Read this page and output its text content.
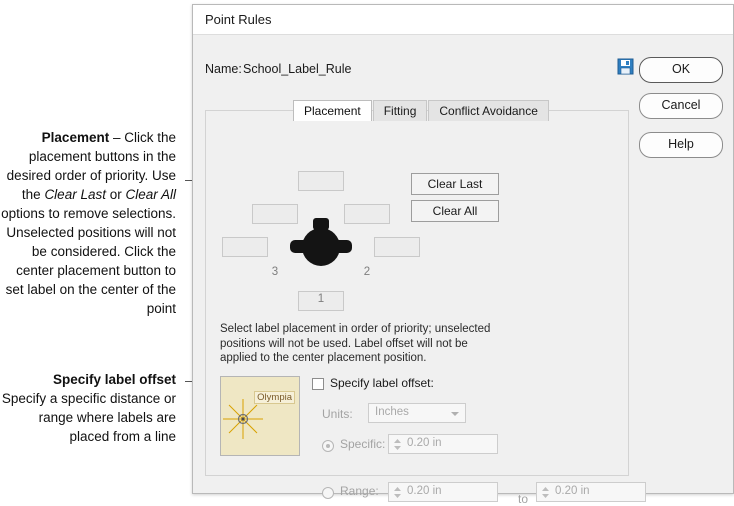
Placement – Click the placement buttons in the desired order of priority. Use the Clear Last or Clear All options to remove selections. Unselected positions will not be considered. Click the center placement button to set label on the center of the point
Specify label offset
Specify a specific distance or range where labels are placed from a line
Point Rules
Name: School_Label_Rule	OK
Cancel
Help
Placement	Fitting	Conflict Avoidance
3	2
1
Clear Last
Clear All
Select label placement in order of priority; unselected positions will not be used. Label offset will not be applied to the center placement position.
Olympia
Specify label offset:
Units: Inches
Specific: 0.20 in
Range: 0.20 in
to
0.20 in
